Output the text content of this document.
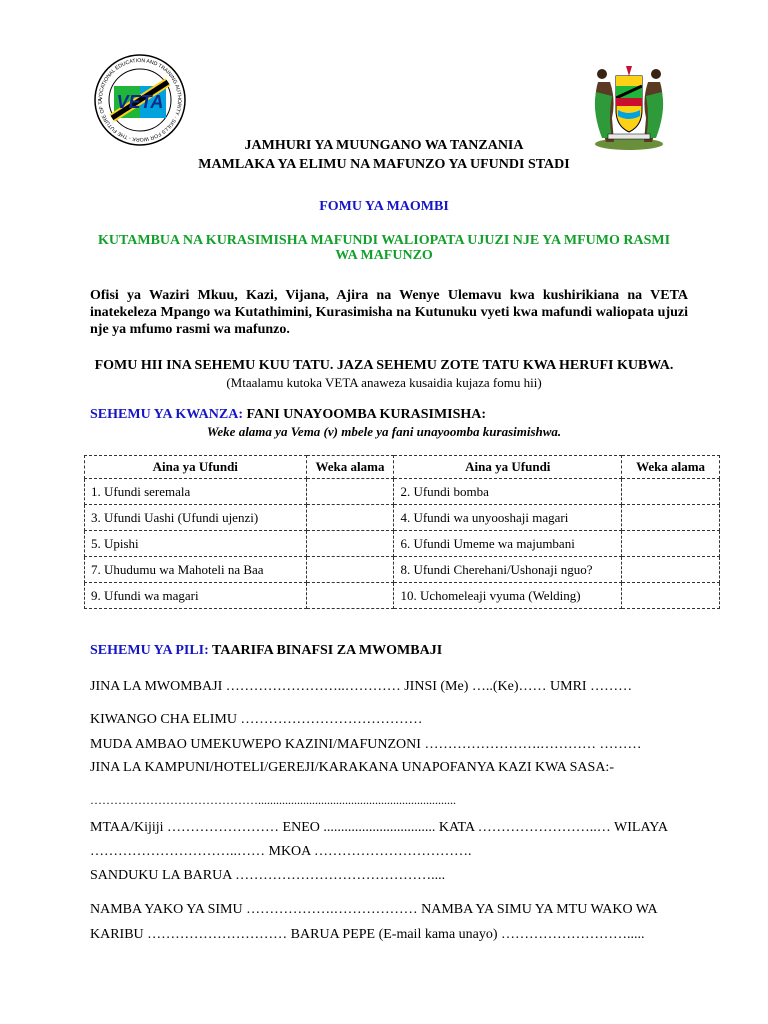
VETA
VOCATIONAL EDUCATION AND TRAINING AUTHORITY · SKILLS FOR WORK - THE FUTURE OF TA
JAMHURI YA MUUNGANO WA TANZANIA
MAMLAKA YA ELIMU NA MAFUNZO YA UFUNDI STADI
FOMU YA MAOMBI
KUTAMBUA NA KURASIMISHA MAFUNDI WALIOPATA UJUZI NJE YA MFUMO RASMI
WA MAFUNZO
Ofisi ya Waziri Mkuu, Kazi, Vijana, Ajira na Wenye Ulemavu kwa kushirikiana na VETA inatekeleza Mpango wa Kutathimini, Kurasimisha na Kutunuku vyeti kwa mafundi waliopata ujuzi nje ya mfumo rasmi wa mafunzo.
FOMU HII INA SEHEMU KUU TATU. JAZA SEHEMU ZOTE TATU KWA HERUFI KUBWA.
(Mtaalamu kutoka VETA anaweza kusaidia kujaza fomu hii)
SEHEMU YA KWANZA: FANI UNAYOOMBA KURASIMISHA:
Weke alama ya Vema (v) mbele ya fani unayoomba kurasimishwa.
Aina ya Ufundi	Weka alama	Aina ya Ufundi	Weka alama
1. Ufundi seremala		2. Ufundi bomba	
3. Ufundi Uashi (Ufundi ujenzi)		4. Ufundi wa unyooshaji magari	
5. Upishi		6. Ufundi Umeme wa majumbani	
7. Uhudumu wa Mahoteli na Baa		8. Ufundi Cherehani/Ushonaji nguo?	
9. Ufundi wa magari		10. Uchomeleaji vyuma (Welding)	
SEHEMU YA PILI: TAARIFA BINAFSI ZA MWOMBAJI
JINA LA MWOMBAJI ……………………..………… JINSI (Me) …..(Ke)…… UMRI ………
KIWANGO CHA ELIMU …………………………………
MUDA AMBAO UMEKUWEPO KAZINI/MAFUNZONI …………………….………… ………
JINA LA KAMPUNI/HOTELI/GEREJI/KARAKANA UNAPOFANYA KAZI KWA SASA:-
……………………………………..................................................................
MTAA/Kijiji …………………… ENEO ................................ KATA ……………………..… WILAYA
…………………………..…… MKOA …………………………….
SANDUKU LA BARUA ……………………………………....
NAMBA YAKO YA SIMU ……………….……………… NAMBA YA SIMU YA MTU WAKO WA
KARIBU ………………………… BARUA PEPE (E-mail kama unayo) ……………………….....
